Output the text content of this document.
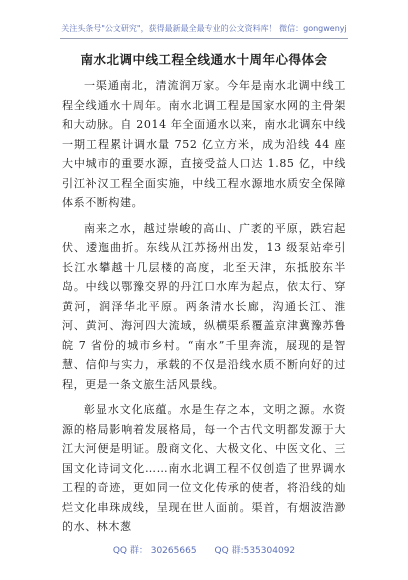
关注头条号"公文研究"，获得最新最全最专业的公文资料库！ 微信：gongwenyj
南水北调中线工程全线通水十周年心得体会

一渠通南北，清流润万家。今年是南水北调中线工程全线通水十周年。南水北调工程是国家水网的主骨架和大动脉。自 2014 年全面通水以来，南水北调东中线一期工程累计调水量 752 亿立方米，成为沿线 44 座大中城市的重要水源，直接受益人口达 1.85 亿，中线引江补汉工程全面实施，中线工程水源地水质安全保障体系不断构建。

南来之水，越过崇峻的高山、广袤的平原，跌宕起伏、逶迤曲折。东线从江苏扬州出发，13 级泵站牵引长江水攀越十几层楼的高度，北至天津，东抵胶东半岛。中线以鄂豫交界的丹江口水库为起点，依太行、穿黄河，润泽华北平原。两条清水长廊，沟通长江、淮河、黄河、海河四大流域，纵横渠系覆盖京津冀豫苏鲁皖 7 省份的城市乡村。“南水”千里奔流，展现的是智慧、信仰与实力，承载的不仅是沿线水质不断向好的过程，更是一条文旅生活风景线。

彰显水文化底蕴。水是生存之本，文明之源。水资源的格局影响着发展格局，每一个古代文明都发源于大江大河便是明证。殷商文化、大极文化、中医文化、三国文化诗词文化……南水北调工程不仅创造了世界调水工程的奇迹，更如同一位文化传承的使者，将沿线的灿烂文化串珠成线，呈现在世人面前。渠首，有烟波浩渺的水、林木葱

QQ 群： 30265665 QQ 群:535304092
